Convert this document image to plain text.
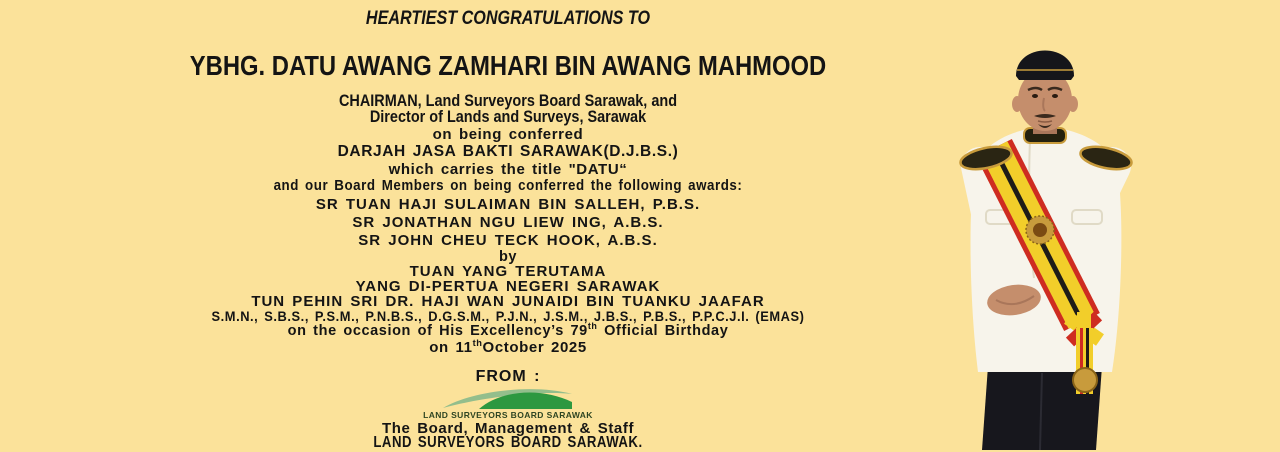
HEARTIEST CONGRATULATIONS TO
YBHG. DATU AWANG ZAMHARI BIN AWANG MAHMOOD
CHAIRMAN, Land Surveyors Board Sarawak, and
Director of Lands and Surveys, Sarawak
on being conferred
DARJAH JASA BAKTI SARAWAK(D.J.B.S.)
which carries the title "DATU“
and our Board Members on being conferred the following awards:
SR TUAN HAJI SULAIMAN BIN SALLEH, P.B.S.
SR JONATHAN NGU LIEW ING, A.B.S.
SR JOHN CHEU TECK HOOK, A.B.S.
by
TUAN YANG TERUTAMA
YANG DI-PERTUA NEGERI SARAWAK
TUN PEHIN SRI DR. HAJI WAN JUNAIDI BIN TUANKU JAAFAR
S.M.N., S.B.S., P.S.M., P.N.B.S., D.G.S.M., P.J.N., J.S.M., J.B.S., P.B.S., P.P.C.J.I. (EMAS)
on the occasion of His Excellency’s 79th Official Birthday
on 11thOctober 2025
FROM :
LAND SURVEYORS BOARD SARAWAK
The Board, Management & Staff
LAND SURVEYORS BOARD SARAWAK.
